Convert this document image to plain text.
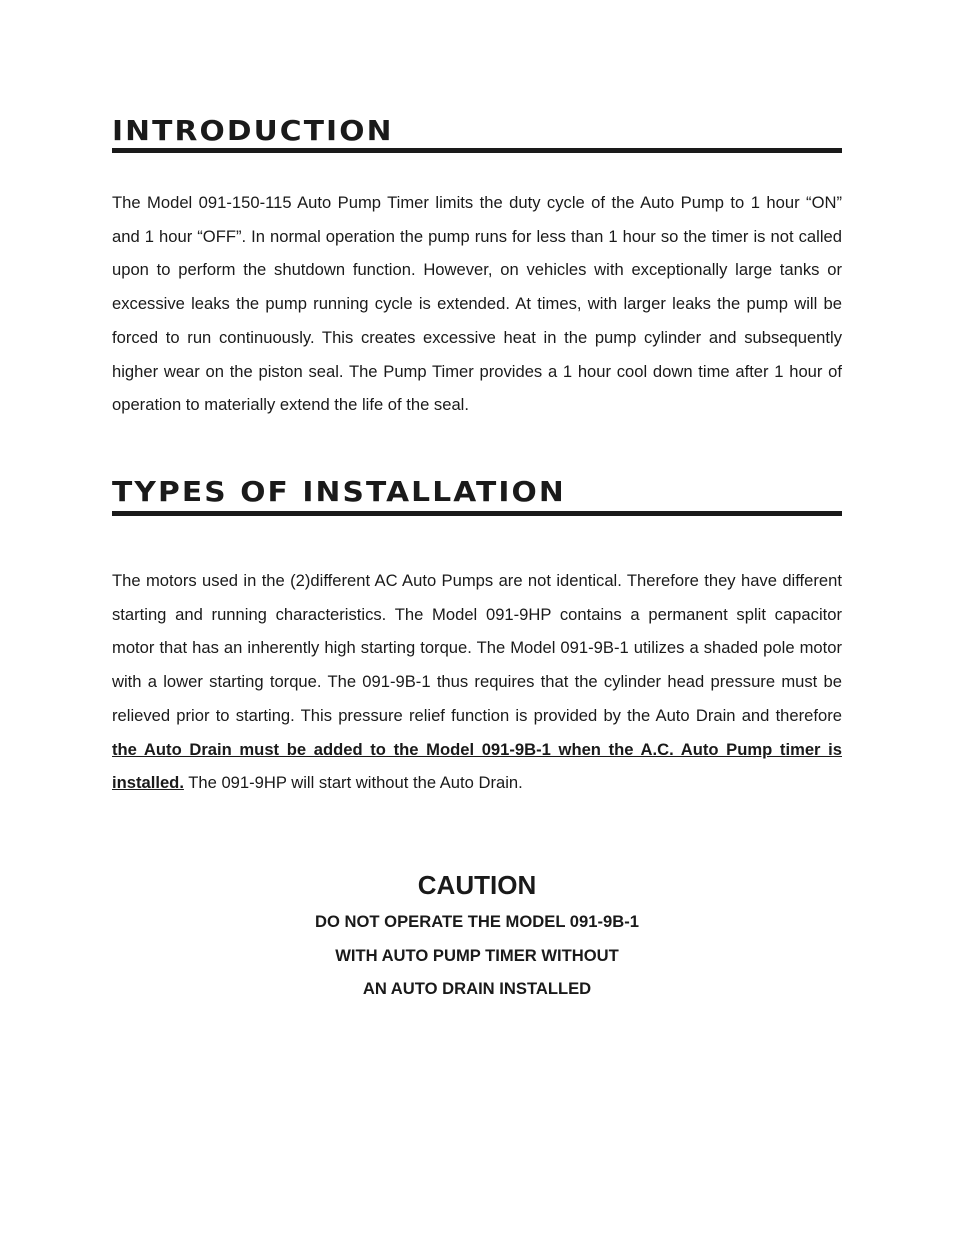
INTRODUCTION

The Model 091-150-115 Auto Pump Timer limits the duty cycle of the Auto Pump to 1 hour “ON” and 1 hour “OFF”. In normal operation the pump runs for less than 1 hour so the timer is not called upon to perform the shutdown function. However, on vehicles with exceptionally large tanks or excessive leaks the pump running cycle is extended. At times, with larger leaks the pump will be forced to run continuously. This creates excessive heat in the pump cylinder and subsequently higher wear on the piston seal. The Pump Timer provides a 1 hour cool down time after 1 hour of operation to materially extend the life of the seal.

TYPES OF INSTALLATION

The motors used in the (2)different AC Auto Pumps are not identical. Therefore they have different starting and running characteristics. The Model 091-9HP contains a permanent split capacitor motor that has an inherently high starting torque. The Model 091-9B-1 utilizes a shaded pole motor with a lower starting torque. The 091-9B-1 thus requires that the cylinder head pressure must be relieved prior to starting. This pressure relief function is provided by the Auto Drain and therefore the Auto Drain must be added to the Model 091-9B-1 when the A.C. Auto Pump timer is installed. The 091-9HP will start without the Auto Drain.

CAUTION

DO NOT OPERATE THE MODEL 091-9B-1

WITH AUTO PUMP TIMER WITHOUT

AN AUTO DRAIN INSTALLED
